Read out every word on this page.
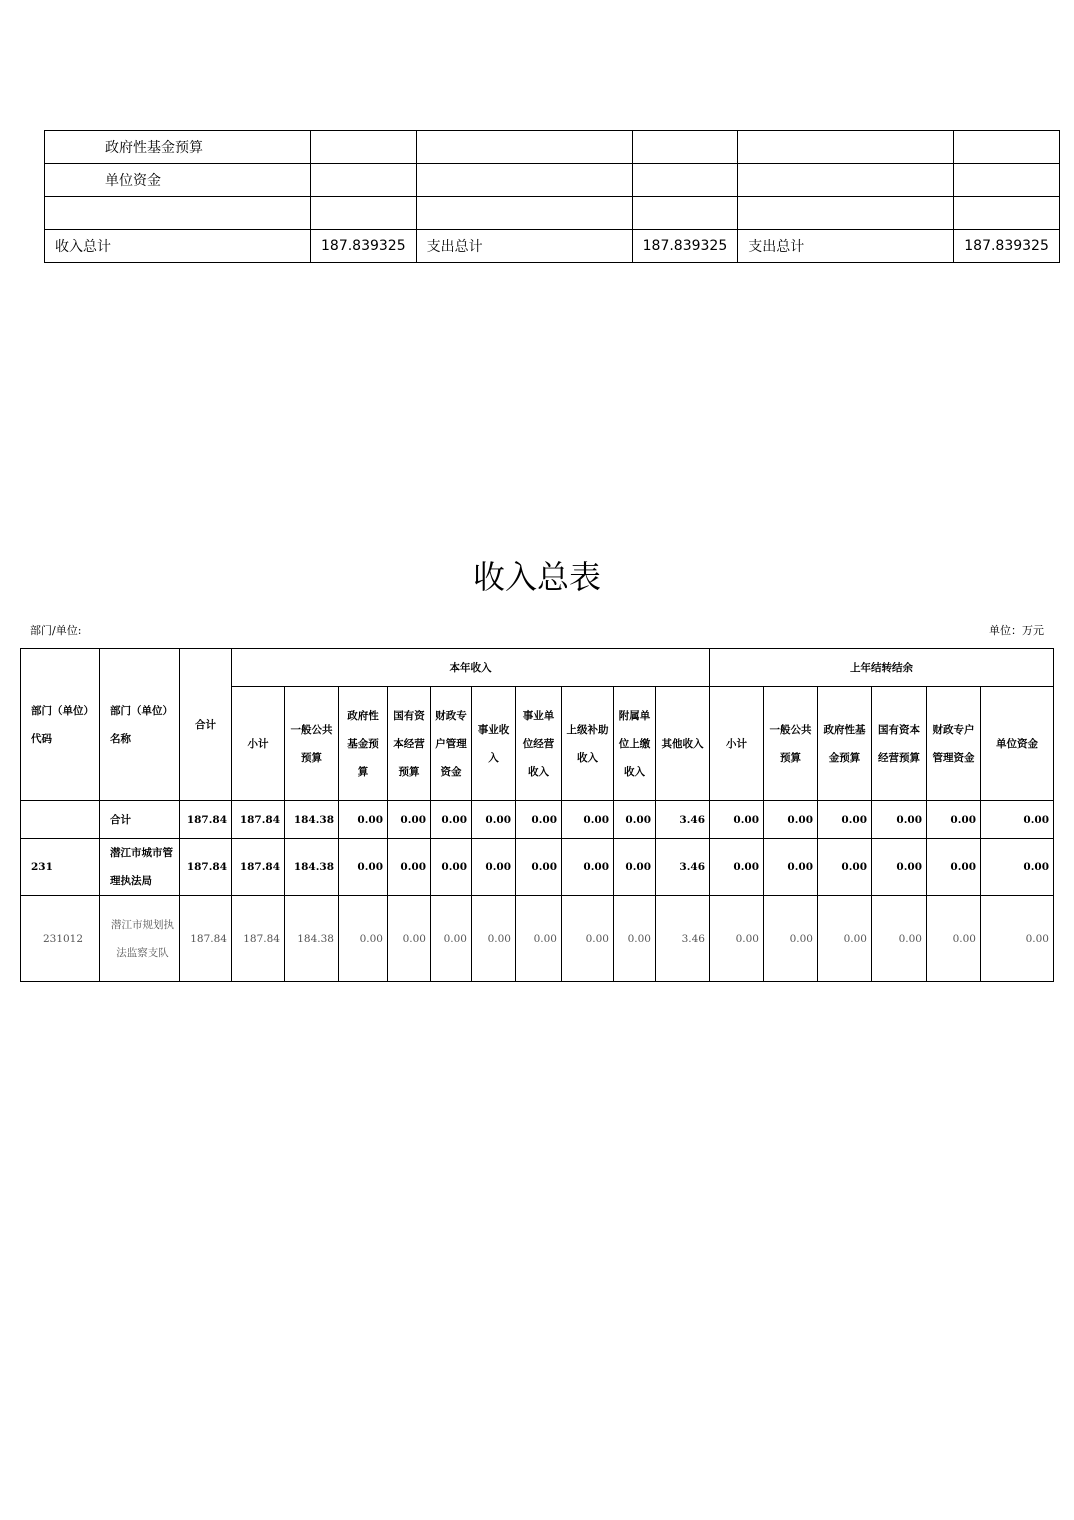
政府性基金预算					
单位资金					

收入总计	187.839325	支出总计	187.839325	支出总计	187.839325
收入总表
部门/单位:	单位：万元
部门（单位）代码	部门（单位）名称	合计	本年收入										上年结转结余					
			小计	一般公共预算	政府性基金预算	国有资本经营预算	财政专户管理资金	事业收入	事业单位经营收入	上级补助收入	附属单位上缴收入	其他收入	小计	一般公共预算	政府性基金预算	国有资本经营预算	财政专户管理资金	单位资金
	合计	187.84	187.84	184.38	0.00	0.00	0.00	0.00	0.00	0.00	0.00	3.46	0.00	0.00	0.00	0.00	0.00	0.00
231	潜江市城市管理执法局	187.84	187.84	184.38	0.00	0.00	0.00	0.00	0.00	0.00	0.00	3.46	0.00	0.00	0.00	0.00	0.00	0.00
231012	潜江市规划执法监察支队	187.84	187.84	184.38	0.00	0.00	0.00	0.00	0.00	0.00	0.00	3.46	0.00	0.00	0.00	0.00	0.00	0.00
